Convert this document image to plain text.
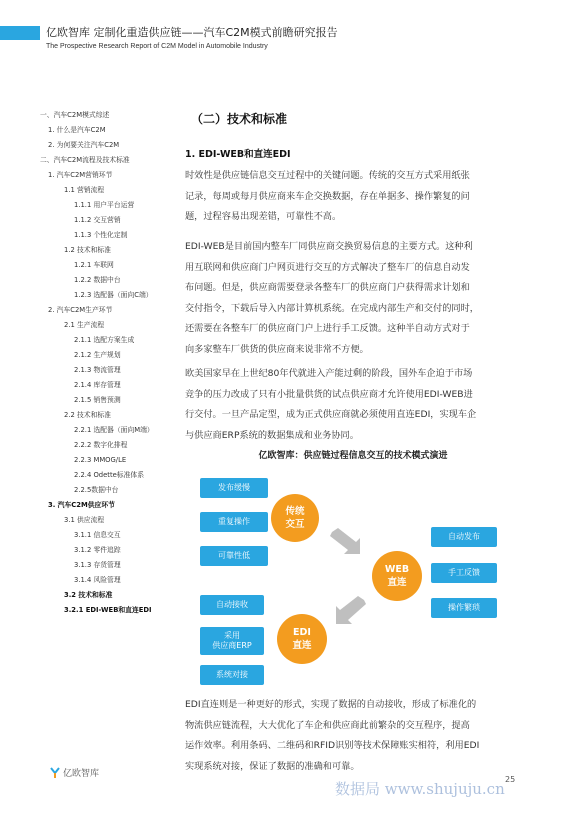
亿欧智库 定制化重造供应链——汽车C2M模式前瞻研究报告
The Prospective Research Report of C2M Model in Automobile Industry
一、汽车C2M模式综述
1. 什么是汽车C2M
2. 为何要关注汽车C2M
二、汽车C2M流程及技术标准
1. 汽车C2M营销环节
1.1 营销流程
1.1.1 用户平台运营
1.1.2 交互营销
1.1.3 个性化定制
1.2 技术和标准
1.2.1 车联网
1.2.2 数据中台
1.2.3 选配器（面向C端）
2. 汽车C2M生产环节
2.1 生产流程
2.1.1 选配方案生成
2.1.2 生产规划
2.1.3 物流管理
2.1.4 库存管理
2.1.5 销售预测
2.2 技术和标准
2.2.1 选配器（面向M端）
2.2.2 数字化排程
2.2.3 MMOG/LE
2.2.4 Odette标准体系
2.2.5数据中台
3. 汽车C2M供应环节
3.1 供应流程
3.1.1 信息交互
3.1.2 零件追踪
3.1.3 存货管理
3.1.4 风险管理
3.2 技术和标准
3.2.1 EDI-WEB和直连EDI
（二）技术和标准
1. EDI-WEB和直连EDI
时效性是供应链信息交互过程中的关键问题。传统的交互方式采用纸张
记录，每周或每月供应商来车企交换数据，存在单据多、操作繁复的问
题，过程容易出现差错，可靠性不高。
EDI-WEB是目前国内整车厂同供应商交换贸易信息的主要方式。这种利
用互联网和供应商门户网页进行交互的方式解决了整车厂的信息自动发
布问题。但是，供应商需要登录各整车厂的供应商门户获得需求计划和
交付指令，下载后导入内部计算机系统。在完成内部生产和交付的同时，
还需要在各整车厂的供应商门户上进行手工反馈。这种半自动方式对于
向多家整车厂供货的供应商来说非常不方便。
欧美国家早在上世纪80年代就进入产能过剩的阶段，国外车企迫于市场
竞争的压力改成了只有小批量供货的试点供应商才允许使用EDI-WEB进
行交付。一旦产品定型，成为正式供应商就必须使用直连EDI，实现车企
与供应商ERP系统的数据集成和业务协同。
亿欧智库：供应链过程信息交互的技术模式演进
发布缓慢
重复操作
可靠性低
传统
交互
WEB
直连
自动发布
手工反馈
操作繁琐
自动接收
采用
供应商ERP
系统对接
EDI
直连
EDI直连则是一种更好的形式，实现了数据的自动接收，形成了标准化的
物流供应链流程，大大优化了车企和供应商此前繁杂的交互程序，提高
运作效率。利用条码、二维码和RFID识别等技术保障账实相符，利用EDI
实现系统对接，保证了数据的准确和可靠。
亿欧智库
数据局 www.shujuju.cn
25
